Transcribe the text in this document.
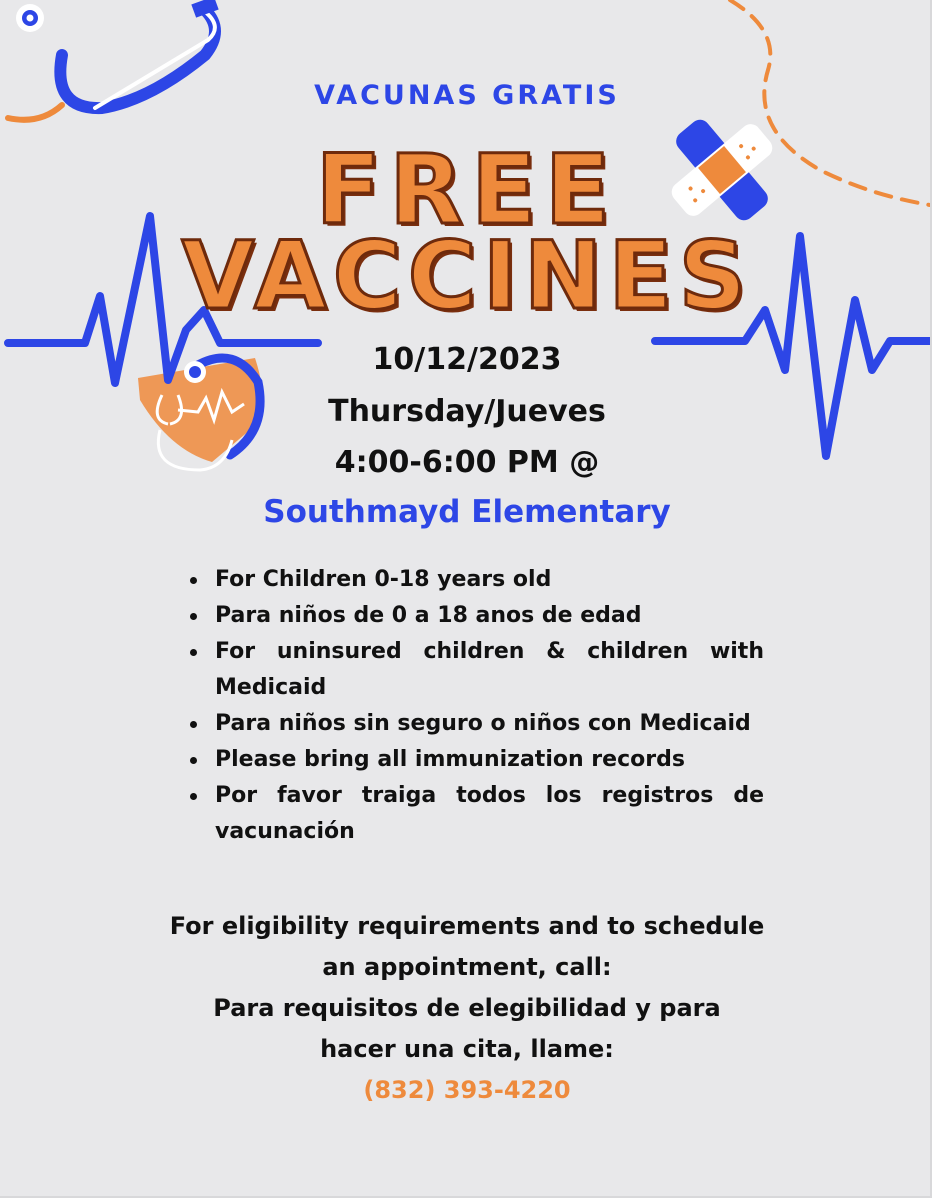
VACUNAS GRATIS
FREE
VACCINES
10/12/2023
Thursday/Jueves
4:00-6:00 PM @
Southmayd Elementary
For Children 0-18 years old
Para niños de 0 a 18 anos de edad
For uninsured children & children with Medicaid
Para niños sin seguro o niños con Medicaid
Please bring all immunization records
Por favor traiga todos los registros de vacunación
For eligibility requirements and to schedule
an appointment, call:
Para requisitos de elegibilidad y para
hacer una cita, llame:
(832) 393-4220
